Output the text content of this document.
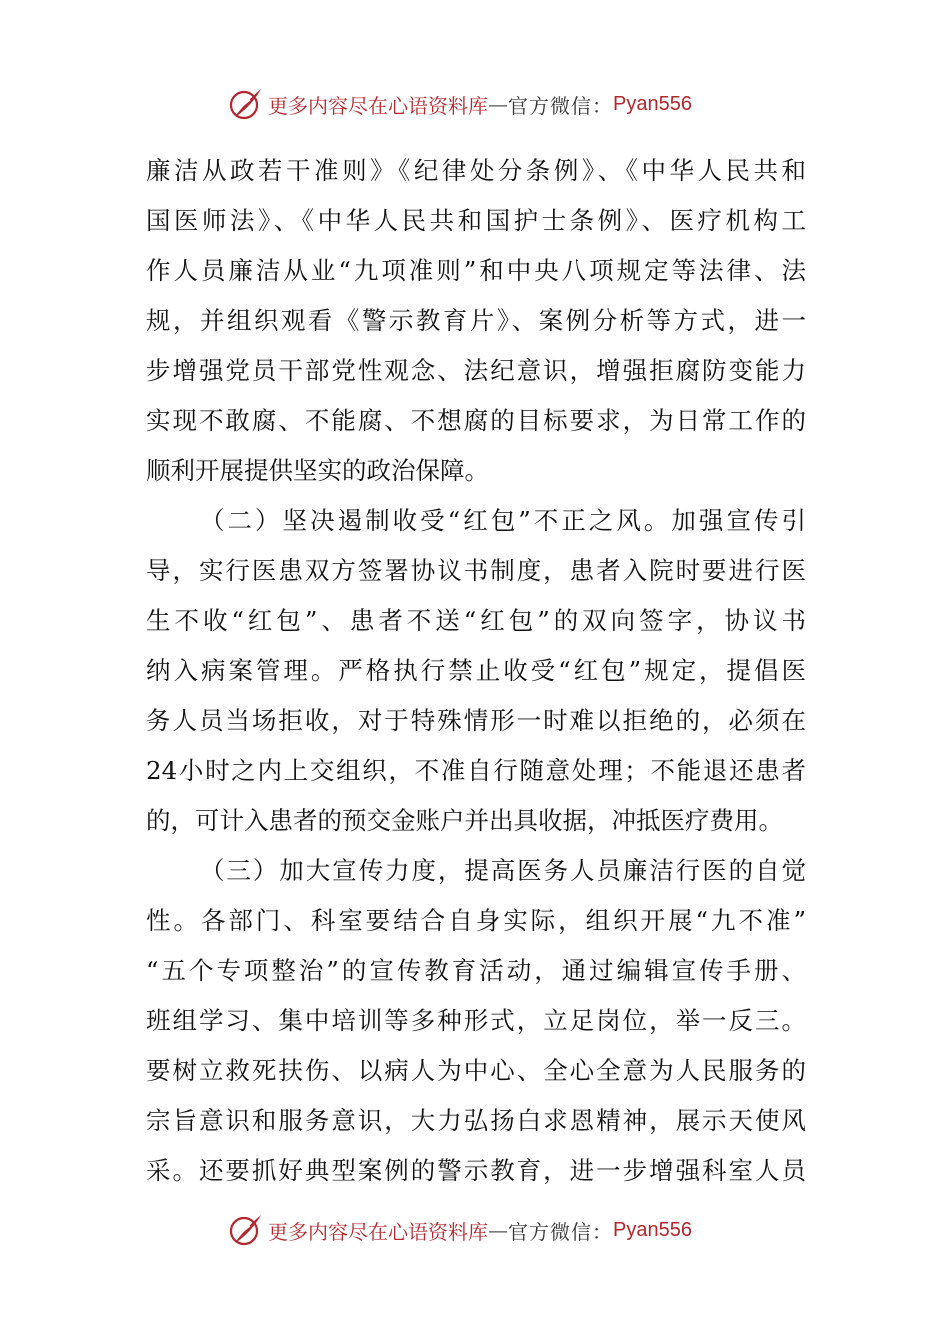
更多内容尽在心语资料库 — 官方微信： Pyan556
廉洁从政若干准则》《纪律处分条例》、《中华人民共和
国医师法》、《中华人民共和国护士条例》、医疗机构工
作人员廉洁从业“九项准则”和中央八项规定等法律、法
规，并组织观看《警示教育片》、案例分析等方式，进一
步增强党员干部党性观念、法纪意识，增强拒腐防变能力
实现不敢腐、不能腐、不想腐的目标要求，为日常工作的
顺利开展提供坚实的政治保障。
（二）坚决遏制收受“红包”不正之风。加强宣传引
导，实行医患双方签署协议书制度，患者入院时要进行医
生不收“红包”、患者不送“红包”的双向签字，协议书
纳入病案管理。严格执行禁止收受“红包”规定，提倡医
务人员当场拒收，对于特殊情形一时难以拒绝的，必须在
24小时之内上交组织，不准自行随意处理；不能退还患者
的，可计入患者的预交金账户并出具收据，冲抵医疗费用。
（三）加大宣传力度，提高医务人员廉洁行医的自觉
性。各部门、科室要结合自身实际，组织开展“九不准”
“五个专项整治”的宣传教育活动，通过编辑宣传手册、
班组学习、集中培训等多种形式，立足岗位，举一反三。
要树立救死扶伤、以病人为中心、全心全意为人民服务的
宗旨意识和服务意识，大力弘扬白求恩精神，展示天使风
采。还要抓好典型案例的警示教育，进一步增强科室人员
更多内容尽在心语资料库 — 官方微信： Pyan556
